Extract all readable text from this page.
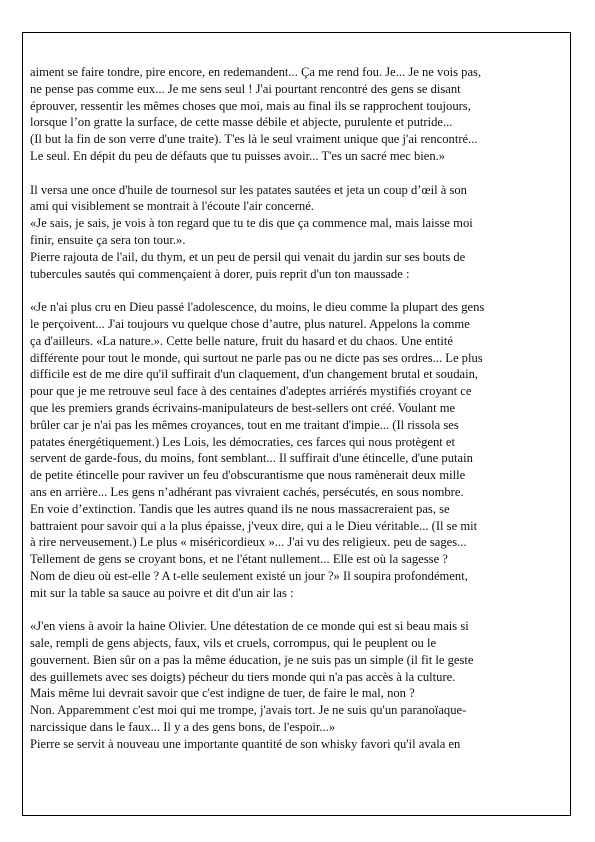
aiment se faire tondre, pire encore, en redemandent... Ça me rend fou. Je... Je ne vois pas,

ne pense pas comme eux... Je me sens seul ! J'ai pourtant rencontré des gens se disant

éprouver, ressentir les mêmes choses que moi, mais au final ils se rapprochent toujours,

lorsque l’on gratte la surface, de cette masse débile et abjecte, purulente et putride...

(Il but la fin de son verre d'une traite). T'es là le seul vraiment unique que j'ai rencontré...

Le seul. En dépit du peu de défauts que tu puisses avoir... T'es un sacré mec bien.»

Il versa une once d'huile de tournesol sur les patates sautées et jeta un coup d’œil à son

ami qui visiblement se montrait à l'écoute l'air concerné.

«Je sais, je sais, je vois à ton regard que tu te dis que ça commence mal, mais laisse moi

finir, ensuite ça sera ton tour.».

Pierre rajouta de l'ail, du thym, et un peu de persil qui venait du jardin sur ses bouts de

tubercules sautés qui commençaient à dorer, puis reprit d'un ton maussade :

«Je n'ai plus cru en Dieu passé l'adolescence, du moins, le dieu comme la plupart des gens

le perçoivent... J'ai toujours vu quelque chose d’autre, plus naturel. Appelons la comme

ça d'ailleurs. «La nature.». Cette belle nature, fruit du hasard et du chaos. Une entité

différente pour tout le monde, qui surtout ne parle pas ou ne dicte pas ses ordres... Le plus

difficile est de me dire qu'il suffirait d'un claquement, d'un changement brutal et soudain,

pour que je me retrouve seul face à des centaines d'adeptes arriérés mystifiés croyant ce

que les premiers grands écrivains-manipulateurs de best-sellers ont créé. Voulant me

brûler car je n'ai pas les mêmes croyances, tout en me traitant d'impie... (Il rissola ses

patates énergétiquement.) Les Lois, les démocraties, ces farces qui nous protègent et

servent de garde-fous, du moins, font semblant... Il suffirait d'une étincelle, d'une putain

de petite étincelle pour raviver un feu d'obscurantisme que nous ramènerait deux mille

ans en arrière... Les gens n’adhérant pas vivraient cachés, persécutés, en sous nombre.

En voie d’extinction. Tandis que les autres quand ils ne nous massacreraient pas, se

battraient pour savoir qui a la plus épaisse, j'veux dire, qui a le Dieu véritable... (Il se mit

à rire nerveusement.) Le plus « miséricordieux »... J'ai vu des religieux. peu de sages...

Tellement de gens se croyant bons, et ne l'étant nullement... Elle est où la sagesse ?

Nom de dieu où est-elle ? A t-elle seulement existé un jour ?» Il soupira profondément,

mit sur la table sa sauce au poivre et dit d'un air las :

«J'en viens à avoir la haine Olivier. Une détestation de ce monde qui est si beau mais si

sale, rempli de gens abjects, faux, vils et cruels, corrompus, qui le peuplent ou le

gouvernent. Bien sûr on a pas la même éducation, je ne suis pas un simple (il fit le geste

des guillemets avec ses doigts) pécheur du tiers monde qui n'a pas accès à la culture.

Mais même lui devrait savoir que c'est indigne de tuer, de faire le mal, non ?

Non. Apparemment c'est moi qui me trompe, j'avais tort. Je ne suis qu'un paranoïaque-

narcissique dans le faux... Il y a des gens bons, de l'espoir...»

Pierre se servit à nouveau une importante quantité de son whisky favori qu'il avala en
